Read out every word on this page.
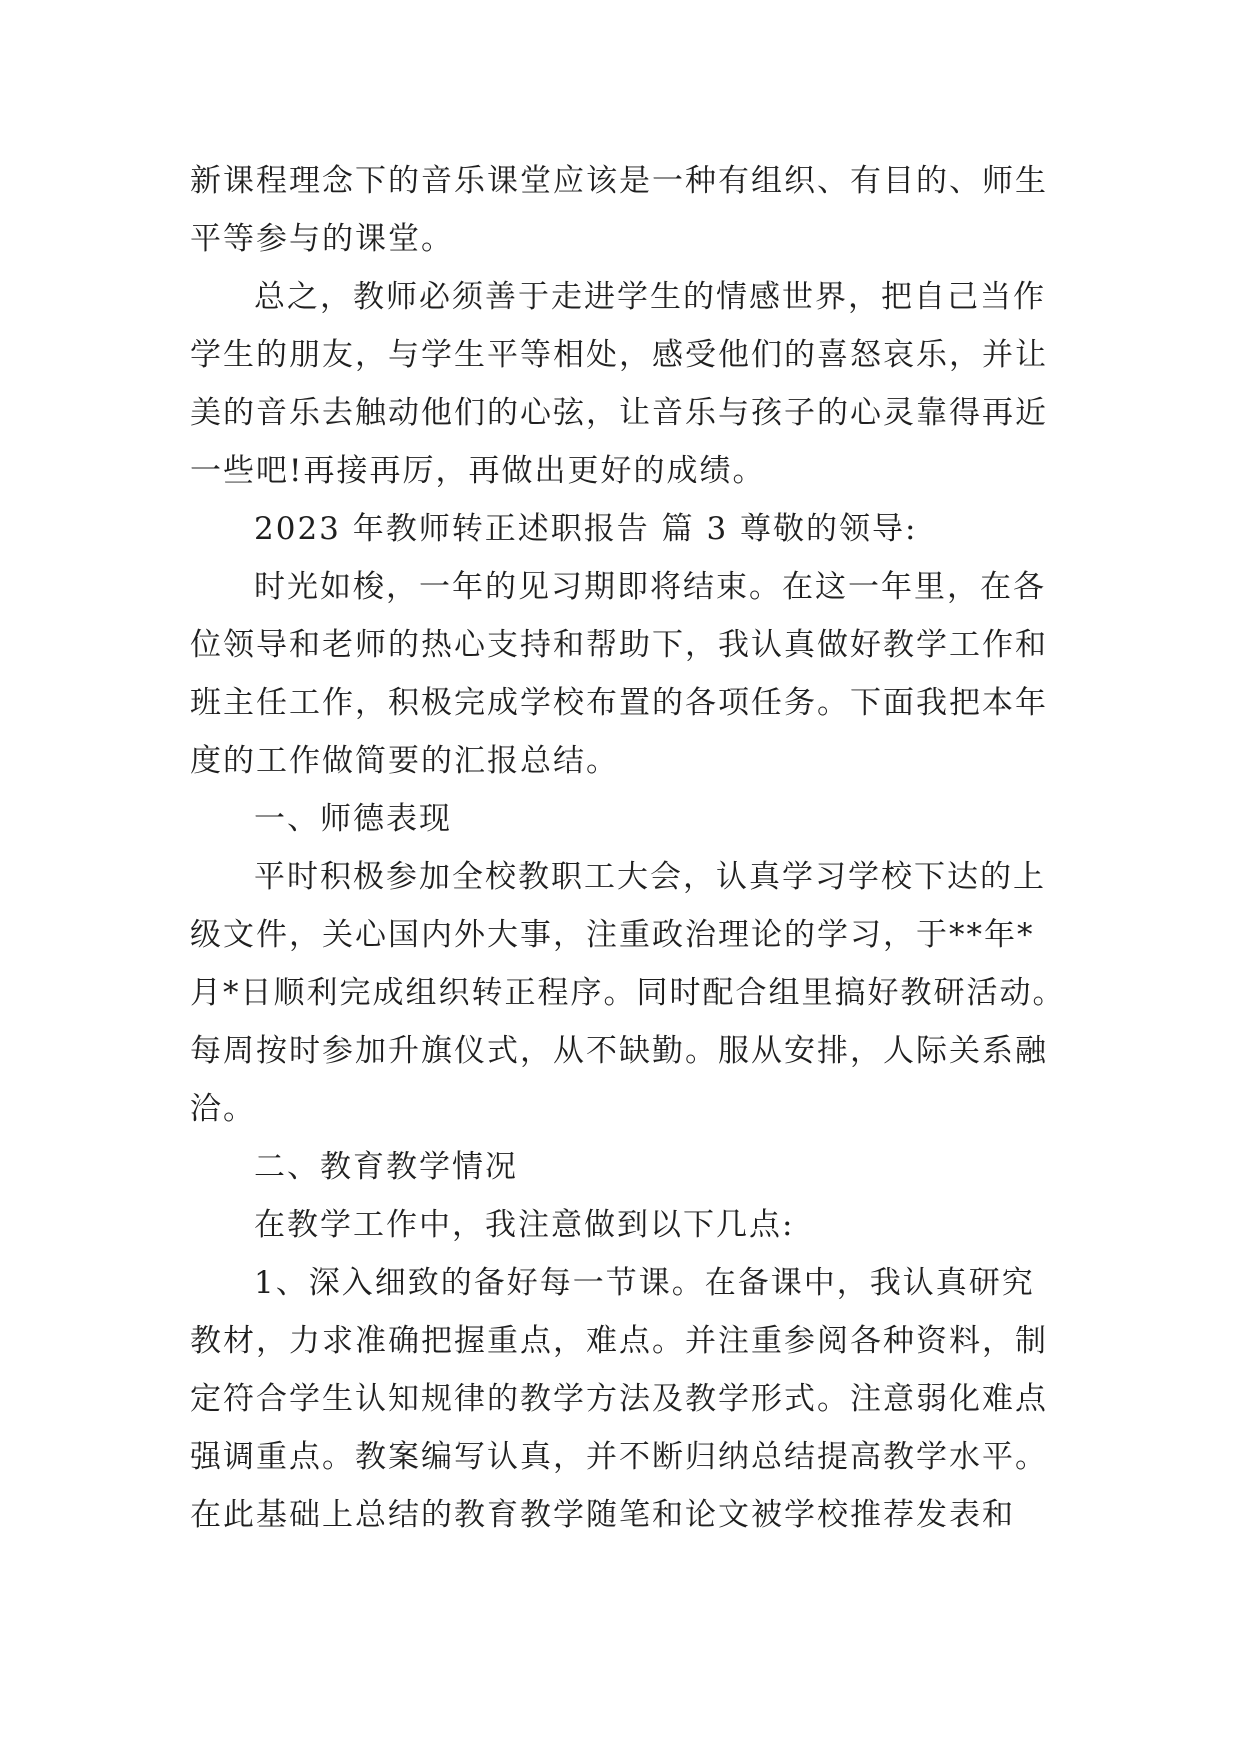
新课程理念下的音乐课堂应该是一种有组织、有目的、师生
平等参与的课堂。
总之，教师必须善于走进学生的情感世界，把自己当作
学生的朋友，与学生平等相处，感受他们的喜怒哀乐，并让
美的音乐去触动他们的心弦，让音乐与孩子的心灵靠得再近
一些吧!再接再厉，再做出更好的成绩。
2023 年教师转正述职报告 篇 3 尊敬的领导:
时光如梭，一年的见习期即将结束。在这一年里，在各
位领导和老师的热心支持和帮助下，我认真做好教学工作和
班主任工作，积极完成学校布置的各项任务。下面我把本年
度的工作做简要的汇报总结。
一、师德表现
平时积极参加全校教职工大会，认真学习学校下达的上
级文件，关心国内外大事，注重政治理论的学习，于**年*
月*日顺利完成组织转正程序。同时配合组里搞好教研活动。
每周按时参加升旗仪式，从不缺勤。服从安排，人际关系融
洽。
二、教育教学情况
在教学工作中，我注意做到以下几点:
1、深入细致的备好每一节课。在备课中，我认真研究
教材，力求准确把握重点，难点。并注重参阅各种资料，制
定符合学生认知规律的教学方法及教学形式。注意弱化难点
强调重点。教案编写认真，并不断归纳总结提高教学水平。
在此基础上总结的教育教学随笔和论文被学校推荐发表和
